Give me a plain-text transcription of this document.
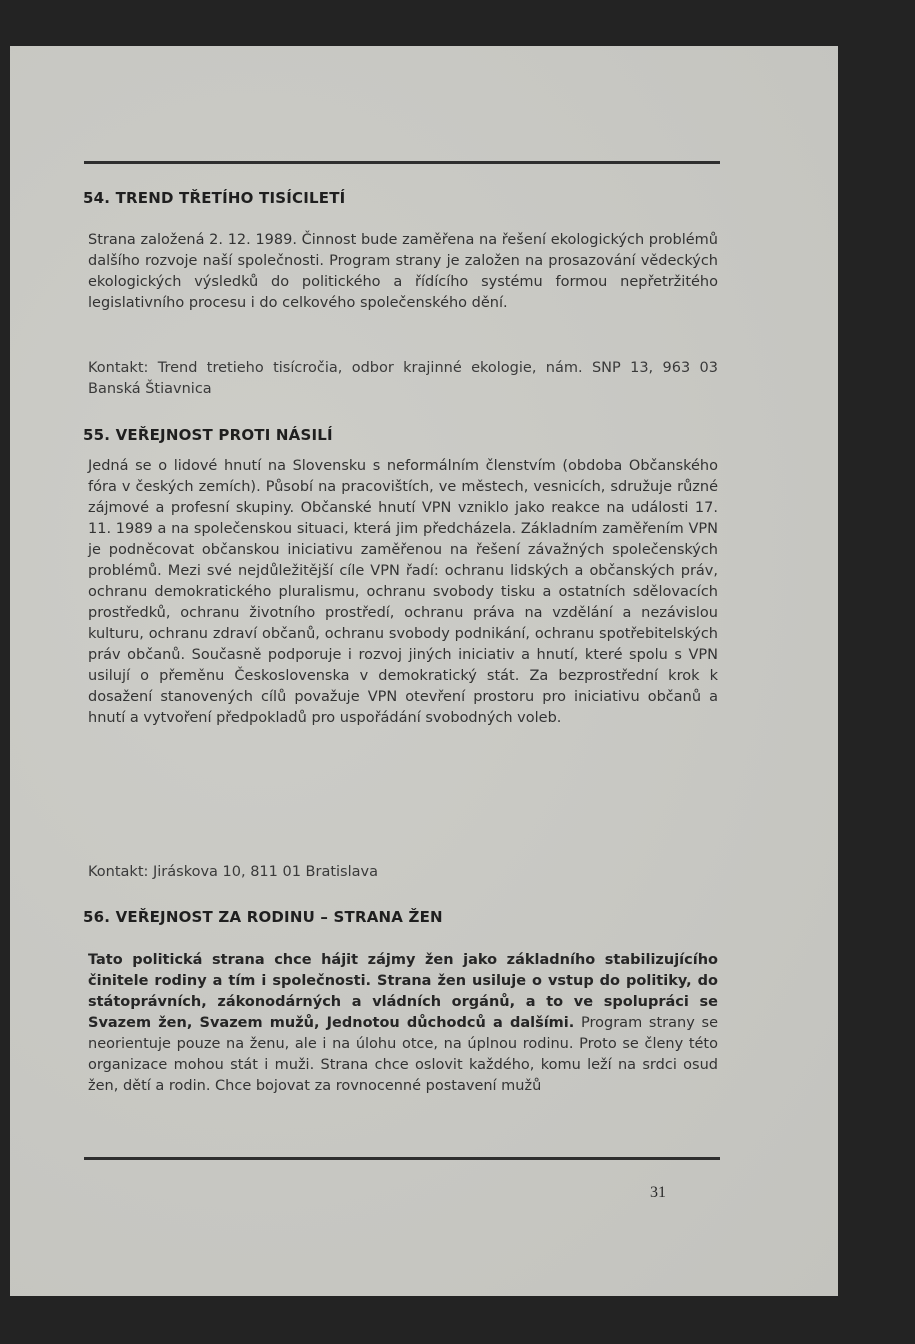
54. TREND TŘETÍHO TISÍCILETÍ

Strana založená 2. 12. 1989. Činnost bude zaměřena na řešení ekologických problémů dalšího rozvoje naší společnosti. Program strany je založen na prosazování vědeckých ekologických výsledků do politického a řídícího systému formou nepřetržitého legislativního procesu i do celkového společenského dění.

Kontakt: Trend tretieho tisícročia, odbor krajinné ekologie, nám. SNP 13, 963 03 Banská Štiavnica

55. VEŘEJNOST PROTI NÁSILÍ

Jedná se o lidové hnutí na Slovensku s neformálním členstvím (obdoba Občanského fóra v českých zemích). Působí na pracovištích, ve městech, vesnicích, sdružuje různé zájmové a profesní skupiny. Občanské hnutí VPN vzniklo jako reakce na události 17. 11. 1989 a na společenskou situaci, která jim předcházela. Základním zaměřením VPN je podněcovat občanskou iniciativu zaměřenou na řešení závažných společenských problémů. Mezi své nejdůležitější cíle VPN řadí: ochranu lidských a občanských práv, ochranu demokratického pluralismu, ochranu svobody tisku a ostatních sdělovacích prostředků, ochranu životního prostředí, ochranu práva na vzdělání a nezávislou kulturu, ochranu zdraví občanů, ochranu svobody podnikání, ochranu spotřebitelských práv občanů. Současně podporuje i rozvoj jiných iniciativ a hnutí, které spolu s VPN usilují o přeměnu Československa v demokratický stát. Za bezprostřední krok k dosažení stanovených cílů považuje VPN otevření prostoru pro iniciativu občanů a hnutí a vytvoření předpokladů pro uspořádání svobodných voleb.

Kontakt: Jiráskova 10, 811 01 Bratislava

56. VEŘEJNOST ZA RODINU – STRANA ŽEN

Tato politická strana chce hájit zájmy žen jako základního stabilizujícího činitele rodiny a tím i společnosti. Strana žen usiluje o vstup do politiky, do státoprávních, zákonodárných a vládních orgánů, a to ve spolupráci se Svazem žen, Svazem mužů, Jednotou důchodců a dalšími. Program strany se neorientuje pouze na ženu, ale i na úlohu otce, na úplnou rodinu. Proto se členy této organizace mohou stát i muži. Strana chce oslovit každého, komu leží na srdci osud žen, dětí a rodin. Chce bojovat za rovnocenné postavení mužů

31
